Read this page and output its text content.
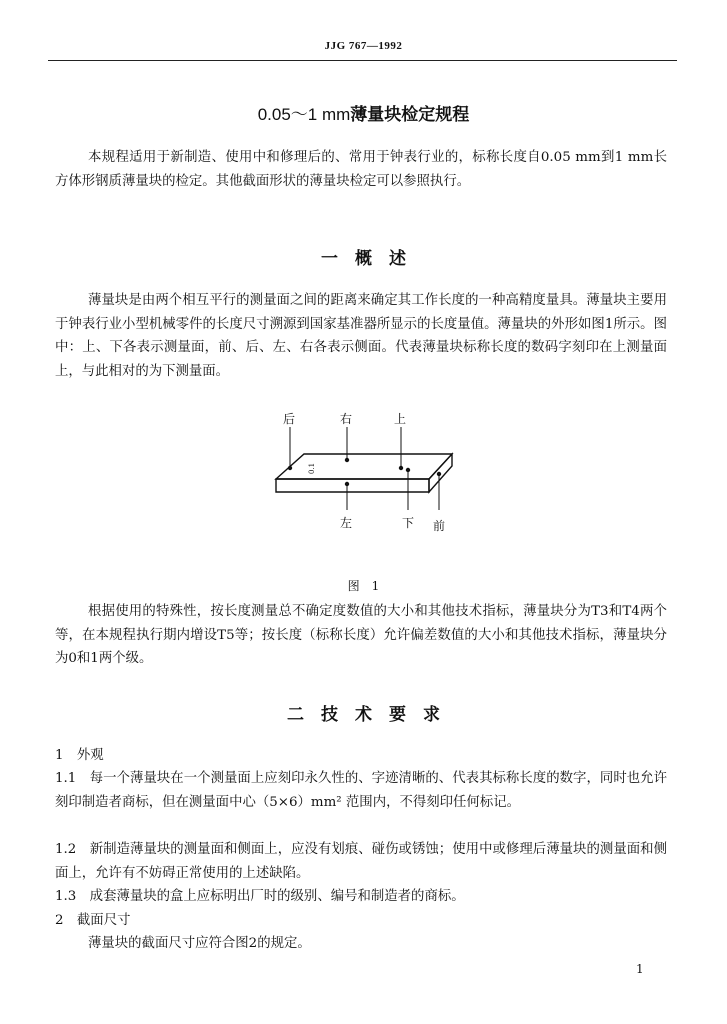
JJG 767—1992
0.05～1 mm薄量块检定规程

本规程适用于新制造、使用中和修理后的、常用于钟表行业的，标称长度自0.05 mm到1 mm长方体形钢质薄量块的检定。其他截面形状的薄量块检定可以参照执行。

一　概　述

薄量块是由两个相互平行的测量面之间的距离来确定其工作长度的一种高精度量具。薄量块主要用于钟表行业小型机械零件的长度尺寸溯源到国家基准器所显示的长度量值。薄量块的外形如图1所示。图中：上、下各表示测量面，前、后、左、右各表示侧面。代表薄量块标称长度的数码字刻印在上测量面上，与此相对的为下测量面。

后	右	上
左	下 前
0.1
图　1

根据使用的特殊性，按长度测量总不确定度数值的大小和其他技术指标，薄量块分为T3和T4两个等，在本规程执行期内增设T5等；按长度（标称长度）允许偏差数值的大小和其他技术指标，薄量块分为0和1两个级。

二　技　术　要　求

1　外观

1.1　每一个薄量块在一个测量面上应刻印永久性的、字迹清晰的、代表其标称长度的数字，同时也允许刻印制造者商标，但在测量面中心（5×6）mm² 范围内，不得刻印任何标记。

1.2　新制造薄量块的测量面和侧面上，应没有划痕、碰伤或锈蚀；使用中或修理后薄量块的测量面和侧面上，允许有不妨碍正常使用的上述缺陷。

1.3　成套薄量块的盒上应标明出厂时的级别、编号和制造者的商标。

2　截面尺寸

薄量块的截面尺寸应符合图2的规定。

1
